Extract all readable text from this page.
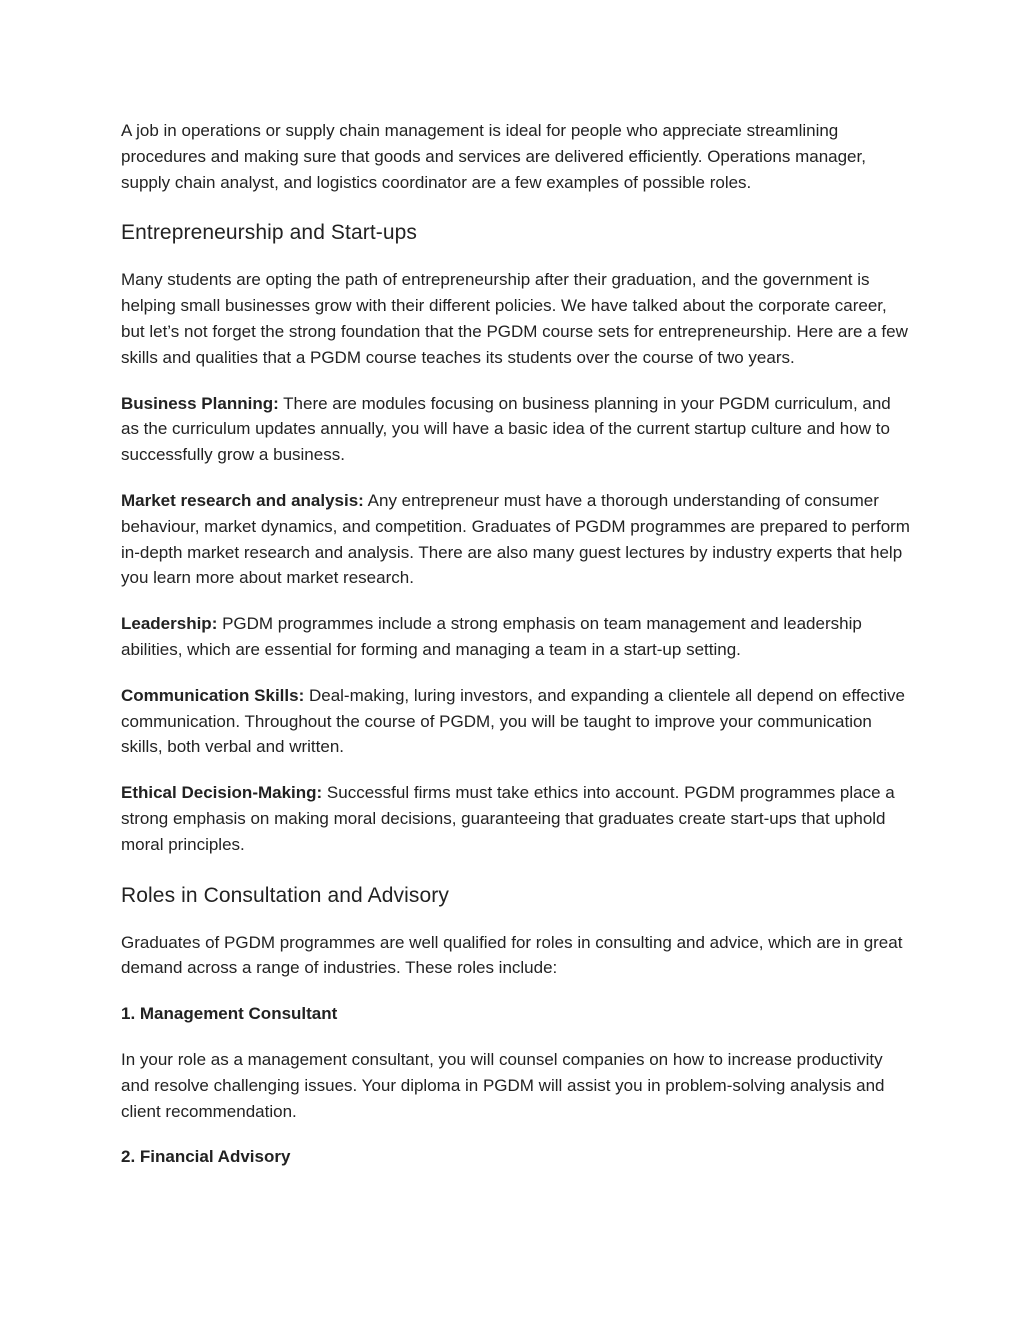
A job in operations or supply chain management is ideal for people who appreciate streamlining procedures and making sure that goods and services are delivered efficiently. Operations manager, supply chain analyst, and logistics coordinator are a few examples of possible roles.

Entrepreneurship and Start-ups

Many students are opting the path of entrepreneurship after their graduation, and the government is helping small businesses grow with their different policies. We have talked about the corporate career, but let’s not forget the strong foundation that the PGDM course sets for entrepreneurship. Here are a few skills and qualities that a PGDM course teaches its students over the course of two years.

Business Planning: There are modules focusing on business planning in your PGDM curriculum, and as the curriculum updates annually, you will have a basic idea of the current startup culture and how to successfully grow a business.

Market research and analysis: Any entrepreneur must have a thorough understanding of consumer behaviour, market dynamics, and competition. Graduates of PGDM programmes are prepared to perform in-depth market research and analysis. There are also many guest lectures by industry experts that help you learn more about market research.

Leadership: PGDM programmes include a strong emphasis on team management and leadership abilities, which are essential for forming and managing a team in a start-up setting.

Communication Skills: Deal-making, luring investors, and expanding a clientele all depend on effective communication. Throughout the course of PGDM, you will be taught to improve your communication skills, both verbal and written.

Ethical Decision-Making: Successful firms must take ethics into account. PGDM programmes place a strong emphasis on making moral decisions, guaranteeing that graduates create start-ups that uphold moral principles.

Roles in Consultation and Advisory

Graduates of PGDM programmes are well qualified for roles in consulting and advice, which are in great demand across a range of industries. These roles include:

1. Management Consultant

In your role as a management consultant, you will counsel companies on how to increase productivity and resolve challenging issues. Your diploma in PGDM will assist you in problem-solving analysis and client recommendation.

2. Financial Advisory
